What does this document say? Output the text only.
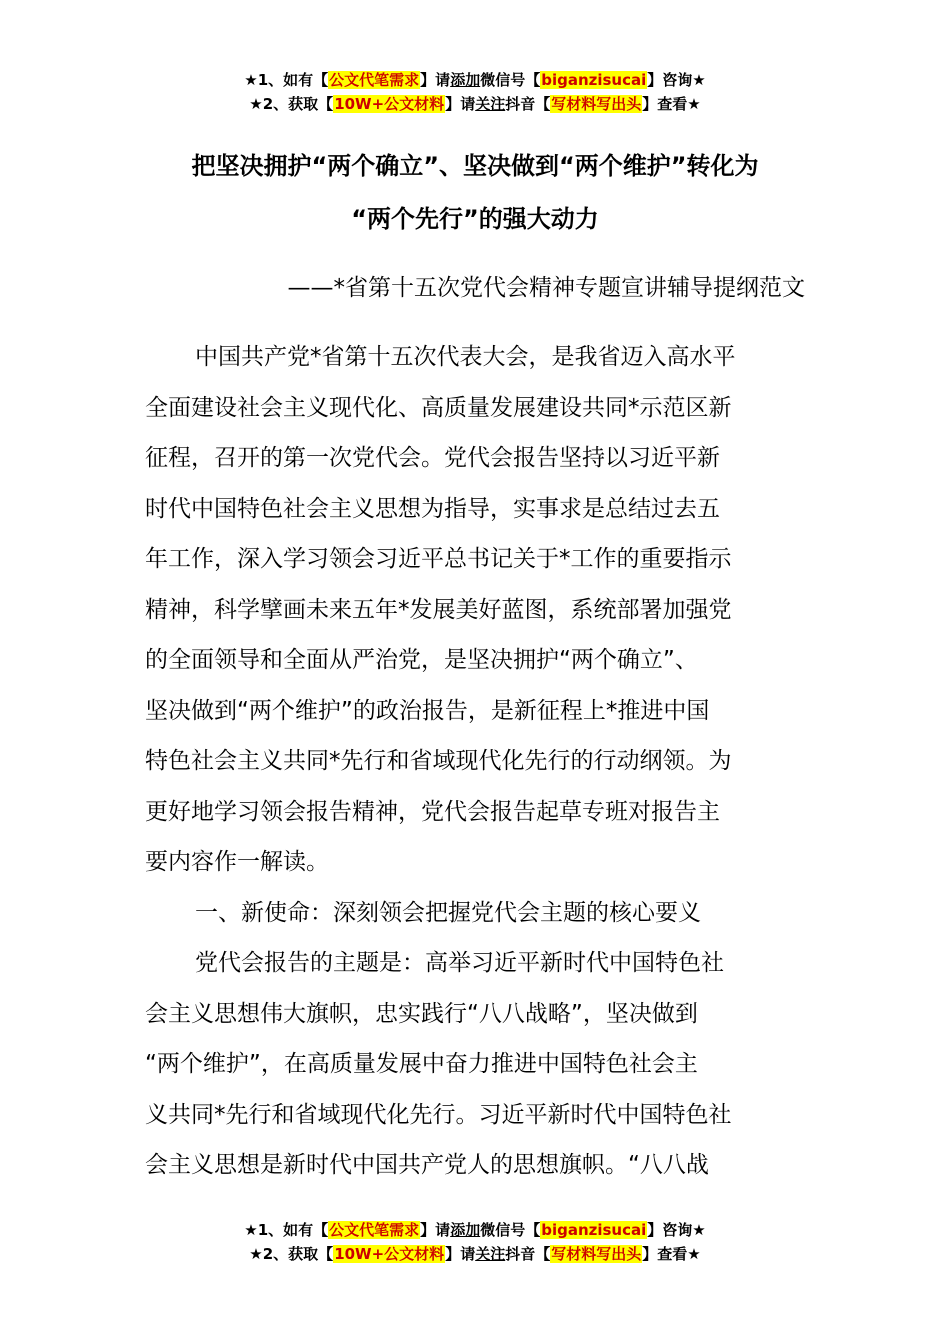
★1、如有【公文代笔需求】请添加微信号【biganzisucai】咨询★
★2、获取【10W+公文材料】请关注抖音【写材料写出头】查看★
把坚决拥护“两个确立”、坚决做到“两个维护”转化为
“两个先行”的强大动力
——*省第十五次党代会精神专题宣讲辅导提纲范文
中国共产党*省第十五次代表大会，是我省迈入高水平
全面建设社会主义现代化、高质量发展建设共同*示范区新
征程，召开的第一次党代会。党代会报告坚持以习近平新
时代中国特色社会主义思想为指导，实事求是总结过去五
年工作，深入学习领会习近平总书记关于*工作的重要指示
精神，科学擘画未来五年*发展美好蓝图，系统部署加强党
的全面领导和全面从严治党，是坚决拥护“两个确立”、
坚决做到“两个维护”的政治报告，是新征程上*推进中国
特色社会主义共同*先行和省域现代化先行的行动纲领。为
更好地学习领会报告精神，党代会报告起草专班对报告主
要内容作一解读。
一、新使命：深刻领会把握党代会主题的核心要义
党代会报告的主题是：高举习近平新时代中国特色社
会主义思想伟大旗帜，忠实践行“八八战略”，坚决做到
“两个维护”，在高质量发展中奋力推进中国特色社会主
义共同*先行和省域现代化先行。习近平新时代中国特色社
会主义思想是新时代中国共产党人的思想旗帜。“八八战
★1、如有【公文代笔需求】请添加微信号【biganzisucai】咨询★
★2、获取【10W+公文材料】请关注抖音【写材料写出头】查看★
